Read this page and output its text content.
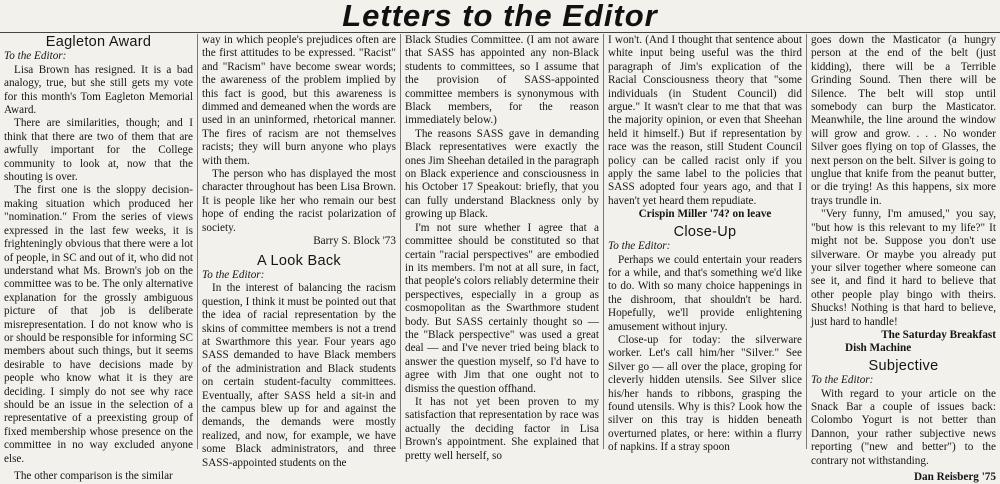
Letters to the Editor
Eagleton Award

To the Editor:

Lisa Brown has resigned. It is a bad analogy, true, but she still gets my vote for this month's Tom Eagleton Memorial Award.

There are similarities, though; and I think that there are two of them that are awfully important for the College community to look at, now that the shouting is over.

The first one is the sloppy decision-making situation which produced her "nomination." From the series of views expressed in the last few weeks, it is frighteningly obvious that there were a lot of people, in SC and out of it, who did not understand what Ms. Brown's job on the committee was to be. The only alternative explanation for the grossly ambiguous picture of that job is deliberate misrepresentation. I do not know who is or should be responsible for informing SC members about such things, but it seems desirable to have decisions made by people who know what it is they are deciding. I simply do not see why race should be an issue in the selection of a representative of a preexisting group of fixed membership whose presence on the committee in no way excluded anyone else.

The other comparison is the similar

way in which people's prejudices often are the first attitudes to be expressed. "Racist" and "Racism" have become swear words; the awareness of the problem implied by this fact is good, but this awareness is dimmed and demeaned when the words are used in an uninformed, rhetorical manner. The fires of racism are not themselves racists; they will burn anyone who plays with them.

The person who has displayed the most character throughout has been Lisa Brown. It is people like her who remain our best hope of ending the racist polarization of society.

Barry S. Block '73

A Look Back

To the Editor:

In the interest of balancing the racism question, I think it must be pointed out that the idea of racial representation by the skins of committee members is not a trend at Swarthmore this year. Four years ago SASS demanded to have Black members of the administration and Black students on certain student-faculty committees. Eventually, after SASS held a sit-in and the campus blew up for and against the demands, the demands were mostly realized, and now, for example, we have some Black administrators, and three SASS-appointed students on the

Black Studies Committee. (I am not aware that SASS has appointed any non-Black students to committees, so I assume that the provision of SASS-appointed committee members is synonymous with Black members, for the reason immediately below.)

The reasons SASS gave in demanding Black representatives were exactly the ones Jim Sheehan detailed in the paragraph on Black experience and consciousness in his October 17 Speakout: briefly, that you can fully understand Blackness only by growing up Black.

I'm not sure whether I agree that a committee should be constituted so that certain "racial perspectives" are embodied in its members. I'm not at all sure, in fact, that people's colors reliably determine their perspectives, especially in a group as cosmopolitan as the Swarthmore student body. But SASS certainly thought so — the "Black perspective" was used a great deal — and I've never tried being black to answer the question myself, so I'd have to agree with Jim that one ought not to dismiss the question offhand.

It has not yet been proven to my satisfaction that representation by race was actually the deciding factor in Lisa Brown's appointment. She explained that pretty well herself, so

I won't. (And I thought that sentence about white input being useful was the third paragraph of Jim's explication of the Racial Consciousness theory that "some individuals (in Student Council) did argue." It wasn't clear to me that that was the majority opinion, or even that Sheehan held it himself.) But if representation by race was the reason, still Student Council policy can be called racist only if you apply the same label to the policies that SASS adopted four years ago, and that I haven't yet heard them repudiate.

Crispin Miller '74? on leave

Close-Up

To the Editor:

Perhaps we could entertain your readers for a while, and that's something we'd like to do. With so many choice happenings in the dishroom, that shouldn't be hard. Hopefully, we'll provide enlightening amusement without injury.

Close-up for today: the silverware worker. Let's call him/her "Silver." See Silver go — all over the place, groping for cleverly hidden utensils. See Silver slice his/her hands to ribbons, grasping the found utensils. Why is this? Look how the silver on this tray is hidden beneath overturned plates, or here: within a flurry of napkins. If a stray spoon

goes down the Masticator (a hungry person at the end of the belt (just kidding), there will be a Terrible Grinding Sound. Then there will be Silence. The belt will stop until somebody can burp the Masticator. Meanwhile, the line around the window will grow and grow. . . . No wonder Silver goes flying on top of Glasses, the next person on the belt. Silver is going to unglue that knife from the peanut butter, or die trying! As this happens, six more trays trundle in.

"Very funny, I'm amused," you say, "but how is this relevant to my life?" It might not be. Suppose you don't use silverware. Or maybe you already put your silver together where someone can see it, and find it hard to believe that other people play bingo with theirs. Shucks! Nothing is that hard to believe, just hard to handle!

The Saturday Breakfast

Dish Machine

Subjective

To the Editor:

With regard to your article on the Snack Bar a couple of issues back: Colombo Yogurt is not better than Dannon, your rather subjective news reporting ("new and better") to the contrary not withstanding.

Dan Reisberg '75
